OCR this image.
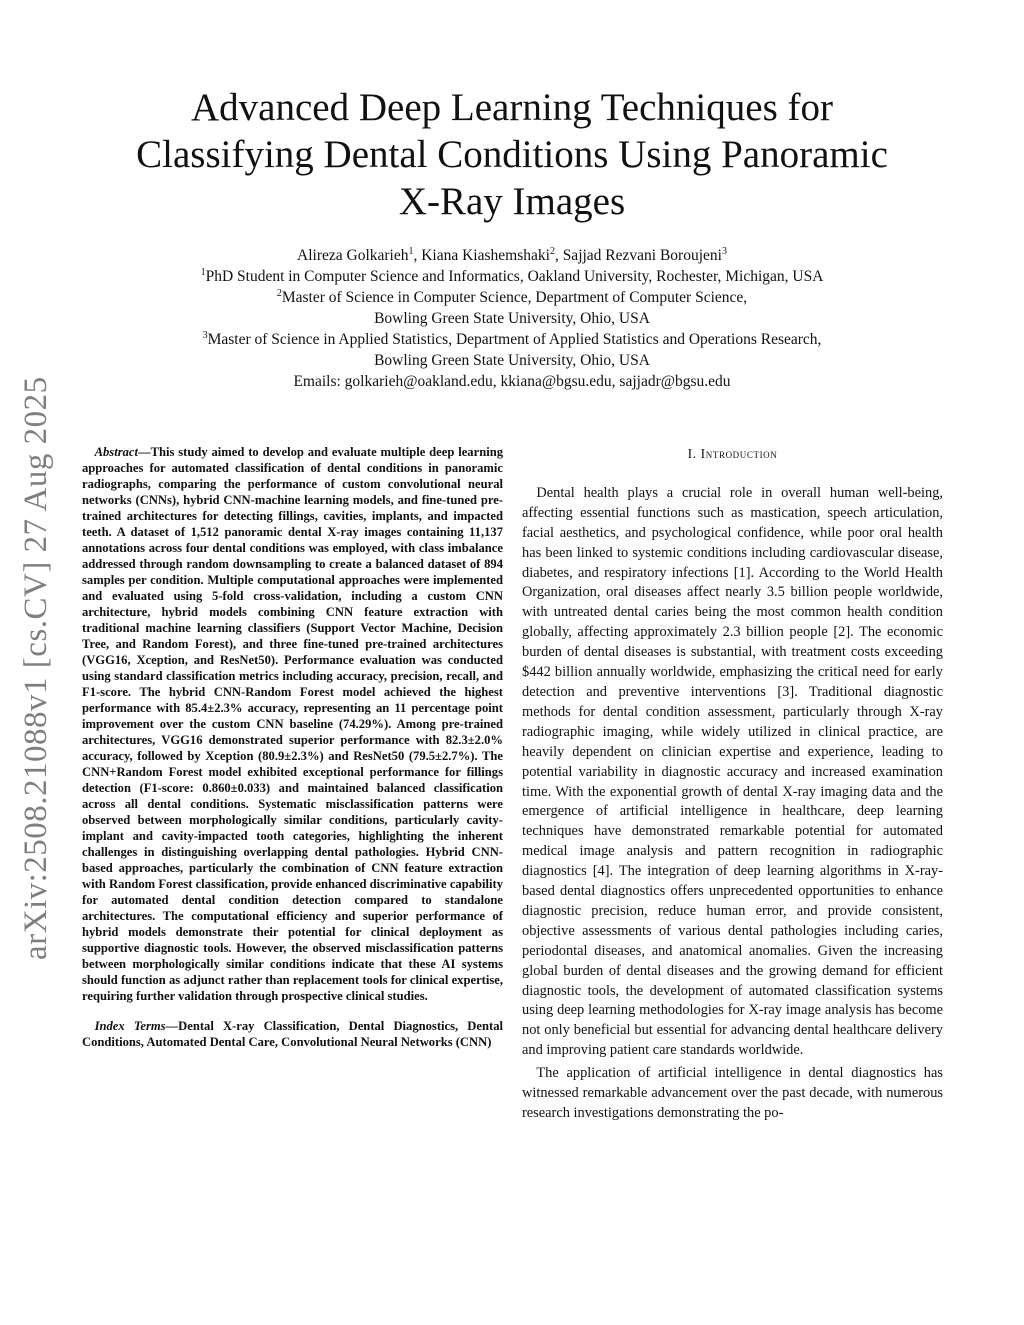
arXiv:2508.21088v1 [cs.CV] 27 Aug 2025
Advanced Deep Learning Techniques for
Classifying Dental Conditions Using Panoramic
X-Ray Images
Alireza Golkarieh$^1$, Kiana Kiashemshaki$^2$, Sajjad Rezvani Boroujeni$^3$
$^1$PhD Student in Computer Science and Informatics, Oakland University, Rochester, Michigan, USA
$^2$Master of Science in Computer Science, Department of Computer Science,
Bowling Green State University, Ohio, USA
$^3$Master of Science in Applied Statistics, Department of Applied Statistics and Operations Research,
Bowling Green State University, Ohio, USA
Emails: golkarieh@oakland.edu, kkiana@bgsu.edu, sajjadr@bgsu.edu

Abstract—This study aimed to develop and evaluate multiple deep learning approaches for automated classification of dental conditions in panoramic radiographs, comparing the performance of custom convolutional neural networks (CNNs), hybrid CNN-machine learning models, and fine-tuned pre-trained architectures for detecting fillings, cavities, implants, and impacted teeth. A dataset of 1,512 panoramic dental X-ray images containing 11,137 annotations across four dental conditions was employed, with class imbalance addressed through random downsampling to create a balanced dataset of 894 samples per condition. Multiple computational approaches were implemented and evaluated using 5-fold cross-validation, including a custom CNN architecture, hybrid models combining CNN feature extraction with traditional machine learning classifiers (Support Vector Machine, Decision Tree, and Random Forest), and three fine-tuned pre-trained architectures (VGG16, Xception, and ResNet50). Performance evaluation was conducted using standard classification metrics including accuracy, precision, recall, and F1-score. The hybrid CNN-Random Forest model achieved the highest performance with 85.4±2.3% accuracy, representing an 11 percentage point improvement over the custom CNN baseline (74.29%). Among pre-trained architectures, VGG16 demonstrated superior performance with 82.3±2.0% accuracy, followed by Xception (80.9±2.3%) and ResNet50 (79.5±2.7%). The CNN+Random Forest model exhibited exceptional performance for fillings detection (F1-score: 0.860±0.033) and maintained balanced classification across all dental conditions. Systematic misclassification patterns were observed between morphologically similar conditions, particularly cavity-implant and cavity-impacted tooth categories, highlighting the inherent challenges in distinguishing overlapping dental pathologies. Hybrid CNN-based approaches, particularly the combination of CNN feature extraction with Random Forest classification, provide enhanced discriminative capability for automated dental condition detection compared to standalone architectures. The computational efficiency and superior performance of hybrid models demonstrate their potential for clinical deployment as supportive diagnostic tools. However, the observed misclassification patterns between morphologically similar conditions indicate that these AI systems should function as adjunct rather than replacement tools for clinical expertise, requiring further validation through prospective clinical studies.

Index Terms—Dental X-ray Classification, Dental Diagnostics, Dental Conditions, Automated Dental Care, Convolutional Neural Networks (CNN)

I. Introduction

Dental health plays a crucial role in overall human well-being, affecting essential functions such as mastication, speech articulation, facial aesthetics, and psychological confidence, while poor oral health has been linked to systemic conditions including cardiovascular disease, diabetes, and respiratory infections [1]. According to the World Health Organization, oral diseases affect nearly 3.5 billion people worldwide, with untreated dental caries being the most common health condition globally, affecting approximately 2.3 billion people [2]. The economic burden of dental diseases is substantial, with treatment costs exceeding $442 billion annually worldwide, emphasizing the critical need for early detection and preventive interventions [3]. Traditional diagnostic methods for dental condition assessment, particularly through X-ray radiographic imaging, while widely utilized in clinical practice, are heavily dependent on clinician expertise and experience, leading to potential variability in diagnostic accuracy and increased examination time. With the exponential growth of dental X-ray imaging data and the emergence of artificial intelligence in healthcare, deep learning techniques have demonstrated remarkable potential for automated medical image analysis and pattern recognition in radiographic diagnostics [4]. The integration of deep learning algorithms in X-ray-based dental diagnostics offers unprecedented opportunities to enhance diagnostic precision, reduce human error, and provide consistent, objective assessments of various dental pathologies including caries, periodontal diseases, and anatomical anomalies. Given the increasing global burden of dental diseases and the growing demand for efficient diagnostic tools, the development of automated classification systems using deep learning methodologies for X-ray image analysis has become not only beneficial but essential for advancing dental healthcare delivery and improving patient care standards worldwide.

The application of artificial intelligence in dental diagnostics has witnessed remarkable advancement over the past decade, with numerous research investigations demonstrating the po-
